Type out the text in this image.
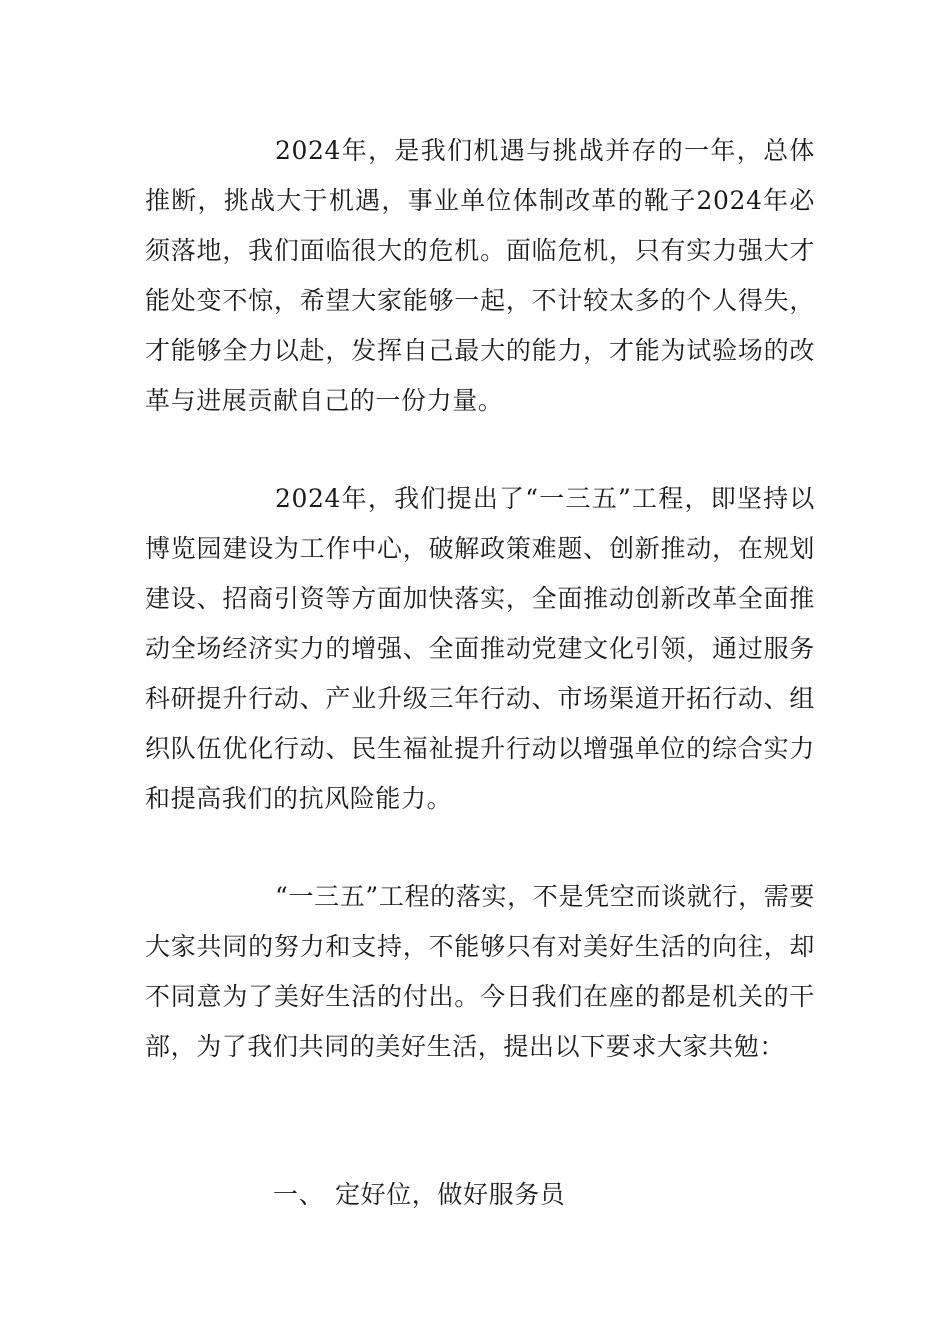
2024年，是我们机遇与挑战并存的一年，总体推断，挑战大于机遇，事业单位体制改革的靴子2024年必须落地，我们面临很大的危机。面临危机，只有实力强大才能处变不惊，希望大家能够一起，不计较太多的个人得失，才能够全力以赴，发挥自己最大的能力，才能为试验场的改革与进展贡献自己的一份力量。

2024年，我们提出了“一三五”工程，即坚持以博览园建设为工作中心，破解政策难题、创新推动，在规划建设、招商引资等方面加快落实，全面推动创新改革全面推动全场经济实力的增强、全面推动党建文化引领，通过服务科研提升行动、产业升级三年行动、市场渠道开拓行动、组织队伍优化行动、民生福祉提升行动以增强单位的综合实力和提高我们的抗风险能力。

“一三五”工程的落实，不是凭空而谈就行，需要大家共同的努力和支持，不能够只有对美好生活的向往，却不同意为了美好生活的付出。今日我们在座的都是机关的干部，为了我们共同的美好生活，提出以下要求大家共勉：

一、 定好位，做好服务员
